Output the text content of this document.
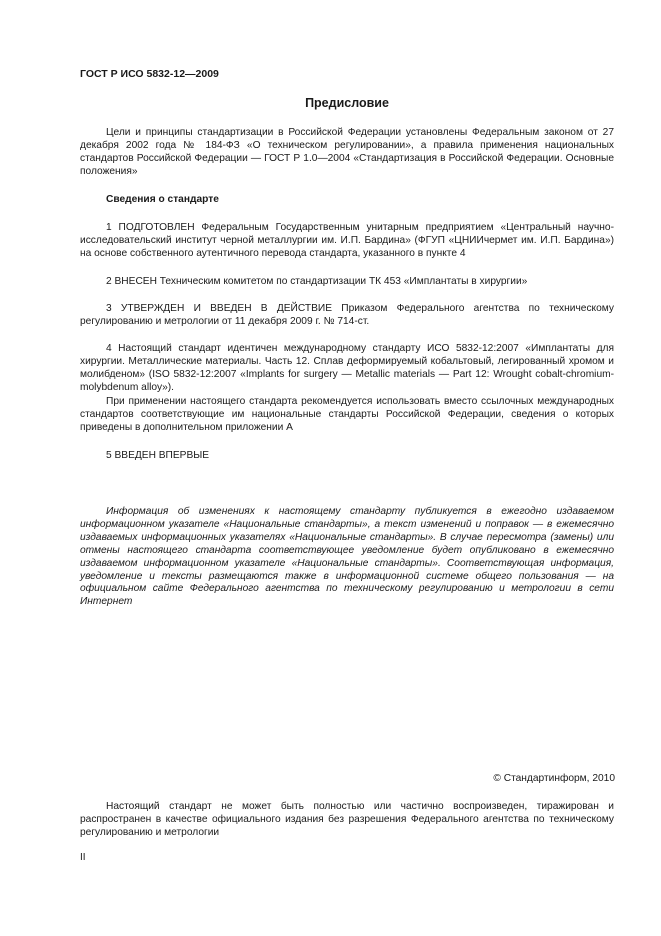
ГОСТ Р ИСО 5832-12—2009
Предисловие

Цели и принципы стандартизации в Российской Федерации установлены Федеральным законом от 27 декабря 2002 года № 184-ФЗ «О техническом регулировании», а правила применения национальных стандартов Российской Федерации — ГОСТ Р 1.0—2004 «Стандартизация в Российской Федерации. Основные положения»

Сведения о стандарте

1 ПОДГОТОВЛЕН Федеральным Государственным унитарным предприятием «Центральный научно-исследовательский институт черной металлургии им. И.П. Бардина» (ФГУП «ЦНИИчермет им. И.П. Бардина») на основе собственного аутентичного перевода стандарта, указанного в пункте 4

2 ВНЕСЕН Техническим комитетом по стандартизации ТК 453 «Имплантаты в хирургии»

3 УТВЕРЖДЕН И ВВЕДЕН В ДЕЙСТВИЕ Приказом Федерального агентства по техническому регулированию и метрологии от 11 декабря 2009 г. № 714-ст.

4 Настоящий стандарт идентичен международному стандарту ИСО 5832-12:2007 «Имплантаты для хирургии. Металлические материалы. Часть 12. Сплав деформируемый кобальтовый, легированный хромом и молибденом» (ISO 5832-12:2007 «Implants for surgery — Metallic materials — Part 12: Wrought cobalt-chromium-molybdenum alloy»).

При применении настоящего стандарта рекомендуется использовать вместо ссылочных международных стандартов соответствующие им национальные стандарты Российской Федерации, сведения о которых приведены в дополнительном приложении А

5 ВВЕДЕН ВПЕРВЫЕ

Информация об изменениях к настоящему стандарту публикуется в ежегодно издаваемом информационном указателе «Национальные стандарты», а текст изменений и поправок — в ежемесячно издаваемых информационных указателях «Национальные стандарты». В случае пересмотра (замены) или отмены настоящего стандарта соответствующее уведомление будет опубликовано в ежемесячно издаваемом информационном указателе «Национальные стандарты». Соответствующая информация, уведомление и тексты размещаются также в информационной системе общего пользования — на официальном сайте Федерального агентства по техническому регулированию и метрологии в сети Интернет

© Стандартинформ, 2010

Настоящий стандарт не может быть полностью или частично воспроизведен, тиражирован и распространен в качестве официального издания без разрешения Федерального агентства по техническому регулированию и метрологии

II
